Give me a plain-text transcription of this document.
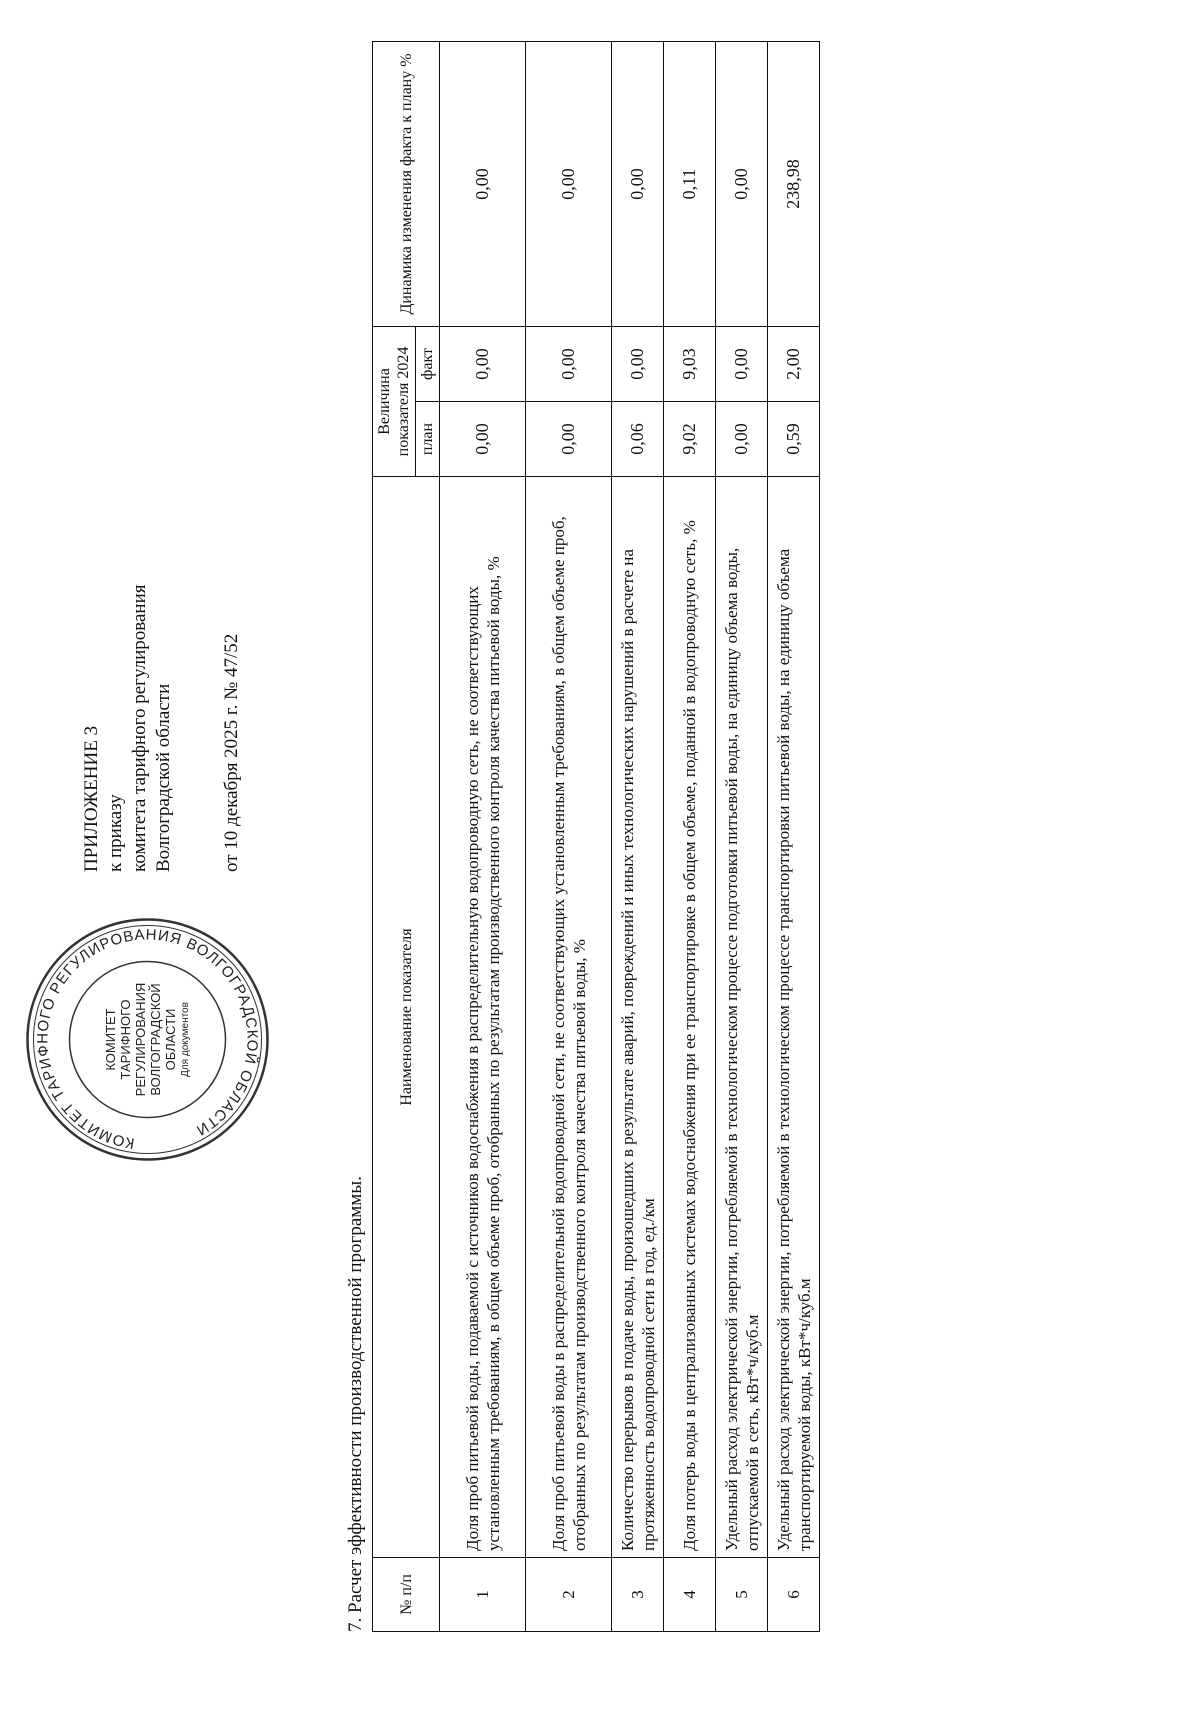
КОМИТЕТ ТАРИФНОГО РЕГУЛИРОВАНИЯ ВОЛГОГРАДСКОЙ ОБЛАСТИ
КОМИТЕТ ТАРИФНОГО РЕГУЛИРОВАНИЯ ВОЛГОГРАДСКОЙ ОБЛАСТИ Для документов
ПРИЛОЖЕНИЕ 3 к приказу комитета тарифного регулирования Волгоградской области от 10 декабря 2025 г. № 47/52
7. Расчет эффективности производственной программы. № п/п	Наименование показателя	Величина показателя 2024		Динамика изменения факта к плану %
		план	факт	
1	Доля проб питьевой воды, подаваемой с источников водоснабжения в распределительную водопроводную сеть, не соответствующих установленным требованиям, в общем объеме проб, отобранных по результатам производственного контроля качества питьевой воды, %	0,00	0,00	0,00
2	Доля проб питьевой воды в распределительной водопроводной сети, не соответствующих установленным требованиям, в общем объеме проб, отобранных по результатам производственного контроля качества питьевой воды, %	0,00	0,00	0,00
3	Количество перерывов в подаче воды, произошедших в результате аварий, повреждений и иных технологических нарушений в расчете на протяженность водопроводной сети в год, ед./км	0,06	0,00	0,00
4	Доля потерь воды в централизованных системах водоснабжения при ее транспортировке в общем объеме, поданной в водопроводную сеть, %	9,02	9,03	0,11
5	Удельный расход электрической энергии, потребляемой в технологическом процессе подготовки питьевой воды, на единицу объема воды, отпускаемой в сеть, кВт*ч/куб.м	0,00	0,00	0,00
6	Удельный расход электрической энергии, потребляемой в технологическом процессе транспортировки питьевой воды, на единицу объема транспортируемой воды, кВт*ч/куб.м	0,59	2,00	238,98
